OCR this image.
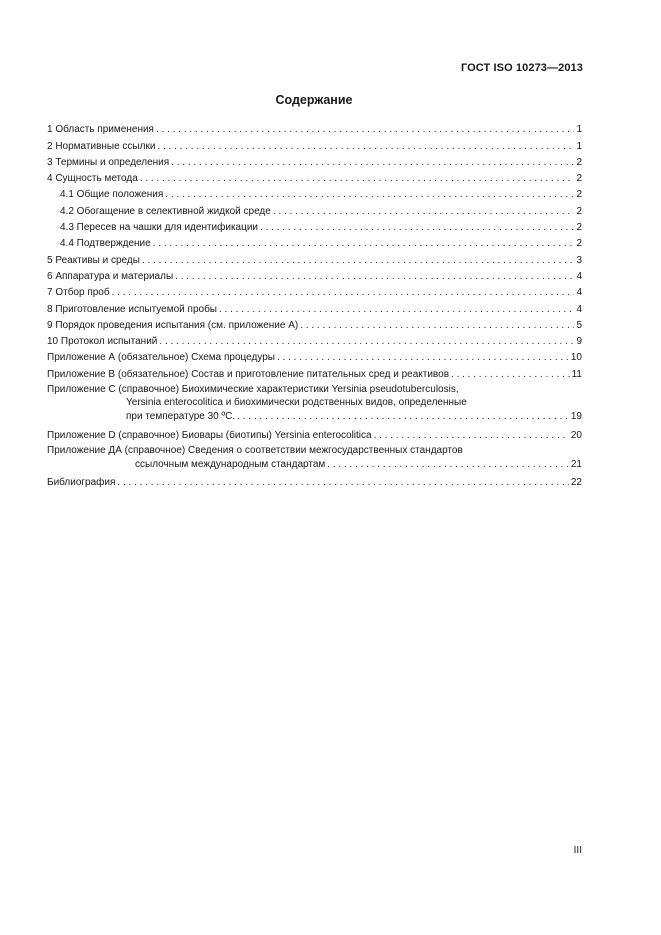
ГОСТ ISO 10273—2013
Содержание
1 Область применения . . .	1
2 Нормативные ссылки . . .	1
3 Термины и определения . . .	2
4 Сущность метода . . .	2
4.1 Общие положения . . .	2
4.2 Обогащение в селективной жидкой среде . . .	2
4.3 Пересев на чашки для идентификации . . .	2
4.4 Подтверждение . . .	2
5 Реактивы и среды . . .	3
6 Аппаратура и материалы . . .	4
7 Отбор проб . . .	4
8 Приготовление испытуемой пробы . . .	4
9 Порядок проведения испытания (см. приложение А) . . .	5
10 Протокол испытаний . . .	9
Приложение А (обязательное) Схема процедуры . . .	10
Приложение В (обязательное) Состав и приготовление питательных сред и реактивов . . .	11
Приложение С (справочное) Биохимические характеристики Yersinia pseudotuberculosis,
Yersinia enterocolitica и биохимически родственных видов, определенные
при температуре 30 ºС. . . .	19
Приложение D (справочное) Биовары (биотипы) Yersinia enterocolitica . . .	20
Приложение ДА (справочное) Сведения о соответствии межгосударственных стандартов
ссылочным международным стандартам . . .	21
Библиография . . .	22
III
